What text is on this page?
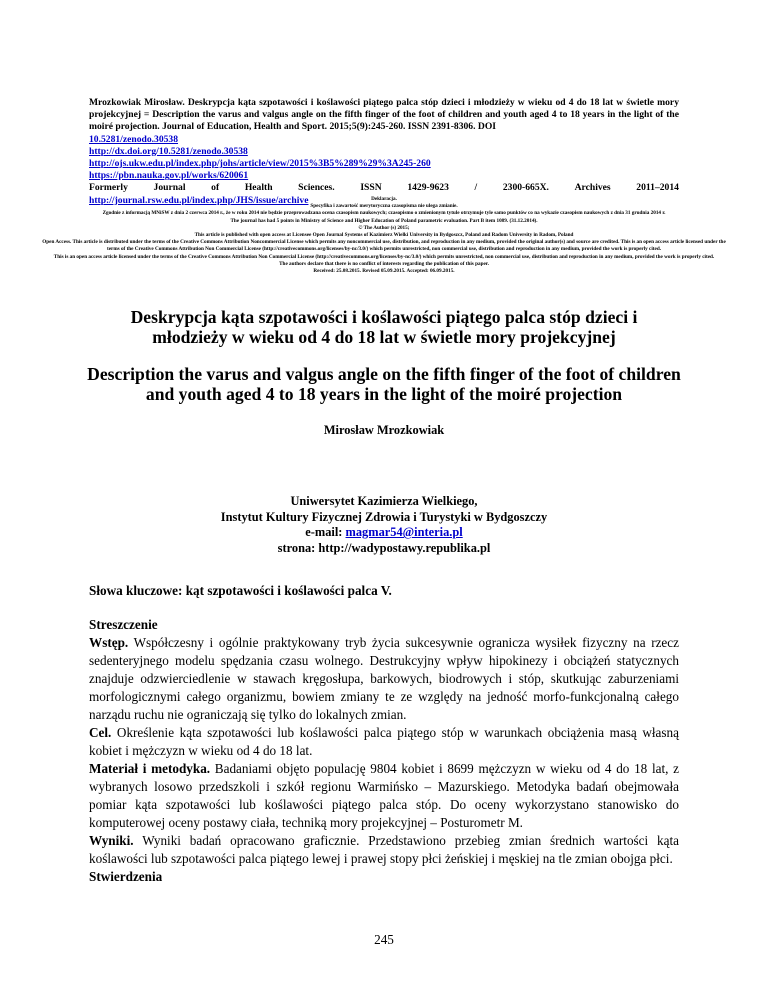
Mrozkowiak Mirosław. Deskrypcja kąta szpotawości i koślawości piątego palca stóp dzieci i młodzieży w wieku od 4 do 18 lat w świetle mory projekcyjnej = Description the varus and valgus angle on the fifth finger of the foot of children and youth aged 4 to 18 years in the light of the moiré projection. Journal of Education, Health and Sport. 2015;5(9):245-260. ISSN 2391-8306. DOI
10.5281/zenodo.30538
http://dx.doi.org/10.5281/zenodo.30538
http://ojs.ukw.edu.pl/index.php/johs/article/view/2015%3B5%289%29%3A245-260
https://pbn.nauka.gov.pl/works/620061
Formerly	Journal	of	Health	Sciences.	ISSN	1429-9623	/	2300-665X.	Archives	2011–2014
http://journal.rsw.edu.pl/index.php/JHS/issue/archive	Deklaracja.
Specyfika i zawartość merytoryczna czasopisma nie ulega zmianie.
Zgodnie z informacją MNiSW z dnia 2 czerwca 2014 r., że w roku 2014 nie będzie przeprowadzana ocena czasopism naukowych; czasopismo o zmienionym tytule otrzymuje tyle samo punktów co na wykazie czasopism naukowych z dnia 31 grudnia 2014 r.
The journal has had 5 points in Ministry of Science and Higher Education of Poland parametric evaluation. Part B item 1089. (31.12.2014).
© The Author (s) 2015;
This article is published with open access at Licensee Open Journal Systems of Kazimierz Wielki University in Bydgoszcz, Poland and Radom University in Radom, Poland
Open Access. This article is distributed under the terms of the Creative Commons Attribution Noncommercial License which permits any noncommercial use, distribution, and reproduction in any medium, provided the original author(s) and source are credited. This is an open access article licensed under the terms of the Creative Commons Attribution Non Commercial License (http://creativecommons.org/licenses/by-nc/3.0/) which permits unrestricted, non commercial use, distribution and reproduction in any medium, provided the work is properly cited.
This is an open access article licensed under the terms of the Creative Commons Attribution Non Commercial License (http://creativecommons.org/licenses/by-nc/3.0/) which permits unrestricted, non commercial use, distribution and reproduction in any medium, provided the work is properly cited.
The authors declare that there is no conflict of interests regarding the publication of this paper.
Received: 25.08.2015. Revised 05.09.2015. Accepted: 06.09.2015.
Deskrypcja kąta szpotawości i koślawości piątego palca stóp dzieci i młodzieży w wieku od 4 do 18 lat w świetle mory projekcyjnej
Description the varus and valgus angle on the fifth finger of the foot of children and youth aged 4 to 18 years in the light of the moiré projection
Mirosław Mrozkowiak
Uniwersytet Kazimierza Wielkiego,
Instytut Kultury Fizycznej Zdrowia i Turystyki w Bydgoszczy
e-mail: magmar54@interia.pl
strona: http://wadypostawy.republika.pl
Słowa kluczowe: kąt szpotawości i koślawości palca V.

Streszczenie

Wstęp. Współczesny i ogólnie praktykowany tryb życia sukcesywnie ogranicza wysiłek fizyczny na rzecz sedenteryjnego modelu spędzania czasu wolnego. Destrukcyjny wpływ hipokinezy i obciążeń statycznych znajduje odzwierciedlenie w stawach kręgosłupa, barkowych, biodrowych i stóp, skutkując zaburzeniami morfologicznymi całego organizmu, bowiem zmiany te ze względy na jedność morfo-funkcjonalną całego narządu ruchu nie ograniczają się tylko do lokalnych zmian.

Cel. Określenie kąta szpotawości lub koślawości palca piątego stóp w warunkach obciążenia masą własną kobiet i mężczyzn w wieku od 4 do 18 lat.

Materiał i metodyka. Badaniami objęto populację 9804 kobiet i 8699 mężczyzn w wieku od 4 do 18 lat, z wybranych losowo przedszkoli i szkół regionu Warmińsko – Mazurskiego. Metodyka badań obejmowała pomiar kąta szpotawości lub koślawości piątego palca stóp. Do oceny wykorzystano stanowisko do komputerowej oceny postawy ciała, techniką mory projekcyjnej – Posturometr M.

Wyniki. Wyniki badań opracowano graficznie. Przedstawiono przebieg zmian średnich wartości kąta koślawości lub szpotawości palca piątego lewej i prawej stopy płci żeńskiej i męskiej na tle zmian obojga płci.

Stwierdzenia

245
